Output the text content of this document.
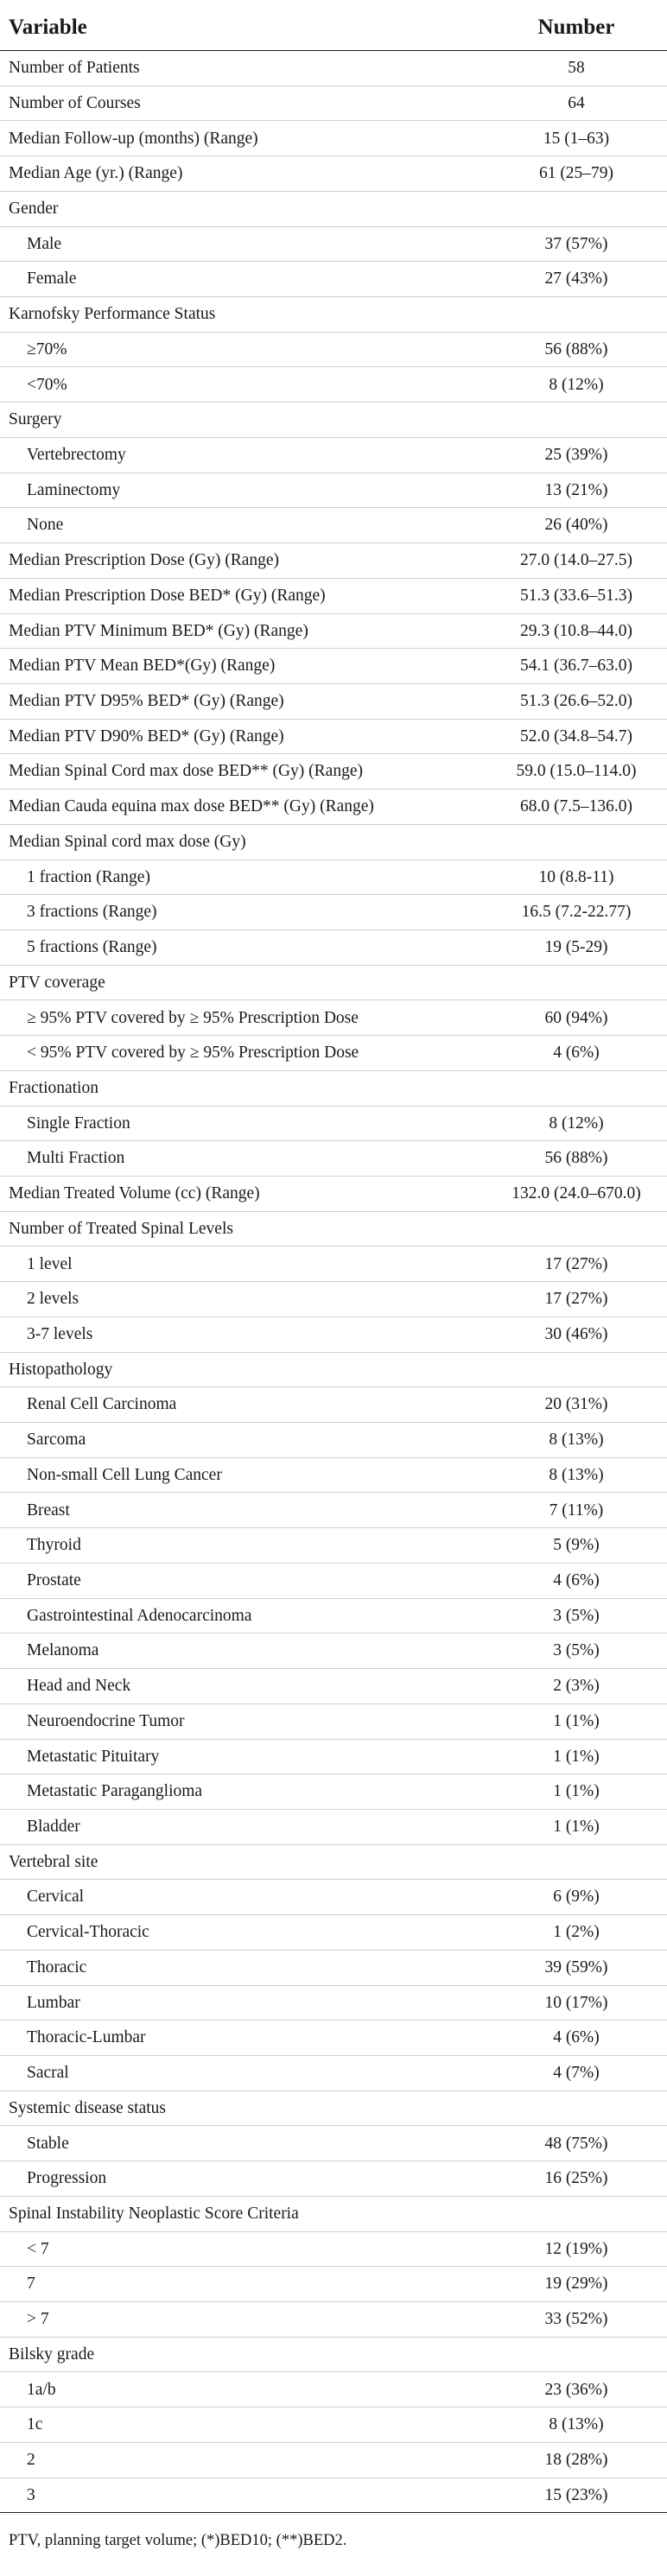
Variable	Number
Number of Patients	58
Number of Courses	64
Median Follow-up (months) (Range)	15 (1–63)
Median Age (yr.) (Range)	61 (25–79)
Gender
Male	37 (57%)
Female	27 (43%)
Karnofsky Performance Status
≥70%	56 (88%)
<70%	8 (12%)
Surgery
Vertebrectomy	25 (39%)
Laminectomy	13 (21%)
None	26 (40%)
Median Prescription Dose (Gy) (Range)	27.0 (14.0–27.5)
Median Prescription Dose BED* (Gy) (Range)	51.3 (33.6–51.3)
Median PTV Minimum BED* (Gy) (Range)	29.3 (10.8–44.0)
Median PTV Mean BED*(Gy) (Range)	54.1 (36.7–63.0)
Median PTV D95% BED* (Gy) (Range)	51.3 (26.6–52.0)
Median PTV D90% BED* (Gy) (Range)	52.0 (34.8–54.7)
Median Spinal Cord max dose BED** (Gy) (Range)	59.0 (15.0–114.0)
Median Cauda equina max dose BED** (Gy) (Range)	68.0 (7.5–136.0)
Median Spinal cord max dose (Gy)
1 fraction (Range)	10 (8.8-11)
3 fractions (Range)	16.5 (7.2-22.77)
5 fractions (Range)	19 (5-29)
PTV coverage
≥ 95% PTV covered by ≥ 95% Prescription Dose	60 (94%)
< 95% PTV covered by ≥ 95% Prescription Dose	4 (6%)
Fractionation
Single Fraction	8 (12%)
Multi Fraction	56 (88%)
Median Treated Volume (cc) (Range)	132.0 (24.0–670.0)
Number of Treated Spinal Levels
1 level	17 (27%)
2 levels	17 (27%)
3-7 levels	30 (46%)
Histopathology
Renal Cell Carcinoma	20 (31%)
Sarcoma	8 (13%)
Non-small Cell Lung Cancer	8 (13%)
Breast	7 (11%)
Thyroid	5 (9%)
Prostate	4 (6%)
Gastrointestinal Adenocarcinoma	3 (5%)
Melanoma	3 (5%)
Head and Neck	2 (3%)
Neuroendocrine Tumor	1 (1%)
Metastatic Pituitary	1 (1%)
Metastatic Paraganglioma	1 (1%)
Bladder	1 (1%)
Vertebral site
Cervical	6 (9%)
Cervical-Thoracic	1 (2%)
Thoracic	39 (59%)
Lumbar	10 (17%)
Thoracic-Lumbar	4 (6%)
Sacral	4 (7%)
Systemic disease status
Stable	48 (75%)
Progression	16 (25%)
Spinal Instability Neoplastic Score Criteria
< 7	12 (19%)
7	19 (29%)
> 7	33 (52%)
Bilsky grade
1a/b	23 (36%)
1c	8 (13%)
2	18 (28%)
3	15 (23%)
PTV, planning target volume; (*)BED10; (**)BED2.
